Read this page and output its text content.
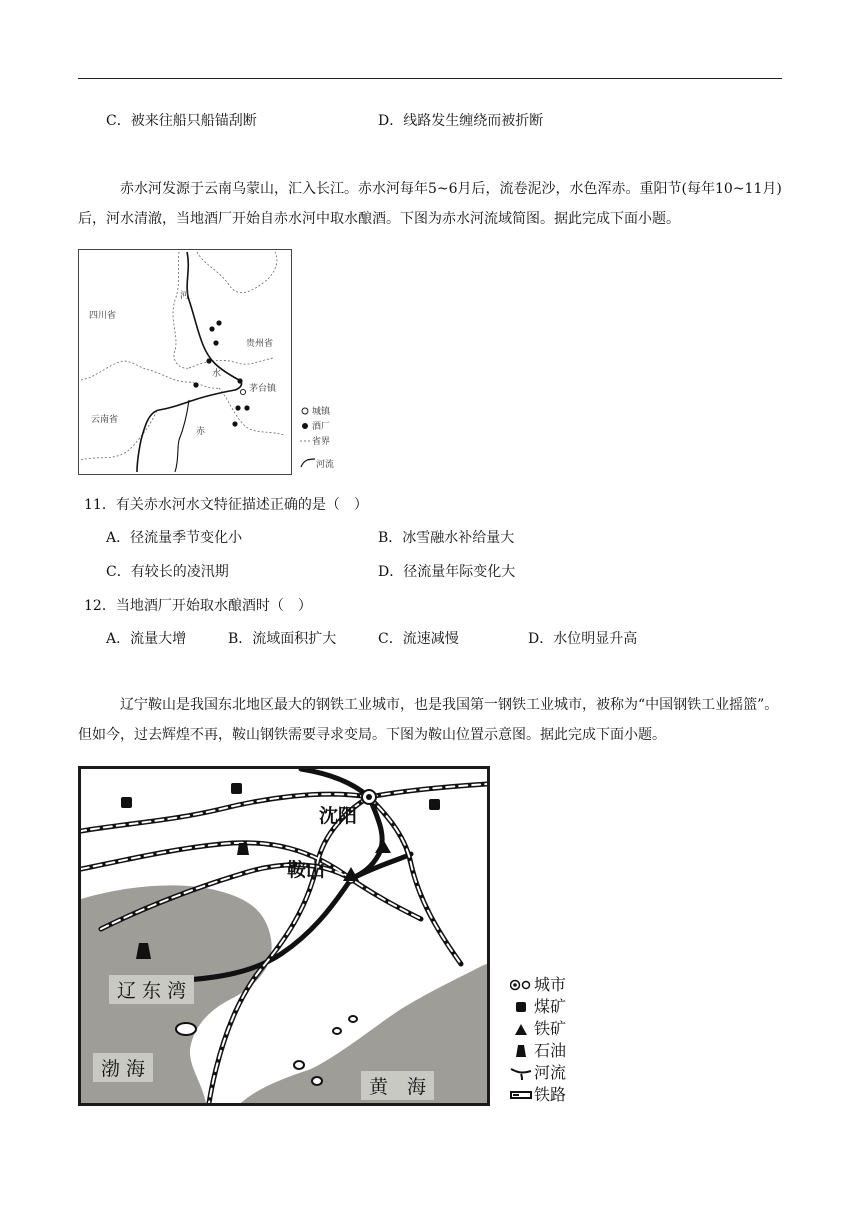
C．被来往船只船锚刮断	D．线路发生缠绕而被折断
赤水河发源于云南乌蒙山，汇入长江。赤水河每年5~6月后，流卷泥沙，水色浑赤。重阳节(每年10~11月)后，河水清澈，当地酒厂开始自赤水河中取水酿酒。下图为赤水河流域简图。据此完成下面小题。
四川省
贵州省
云南省
河
水
赤
茅台镇
城镇
酒厂
省界
河流
11．有关赤水河水文特征描述正确的是（　）
A．径流量季节变化小	B．冰雪融水补给量大
C．有较长的凌汛期	D．径流量年际变化大
12．当地酒厂开始取水酿酒时（　）
A．流量大增	B．流域面积扩大	C．流速减慢	D．水位明显升高
辽宁鞍山是我国东北地区最大的钢铁工业城市，也是我国第一钢铁工业城市，被称为“中国钢铁工业摇篮”。但如今，过去辉煌不再，鞍山钢铁需要寻求变局。下图为鞍山位置示意图。据此完成下面小题。
沈阳
鞍山
辽 东 湾
渤 海
黄　海
城市
煤矿
铁矿
石油
河流
铁路
